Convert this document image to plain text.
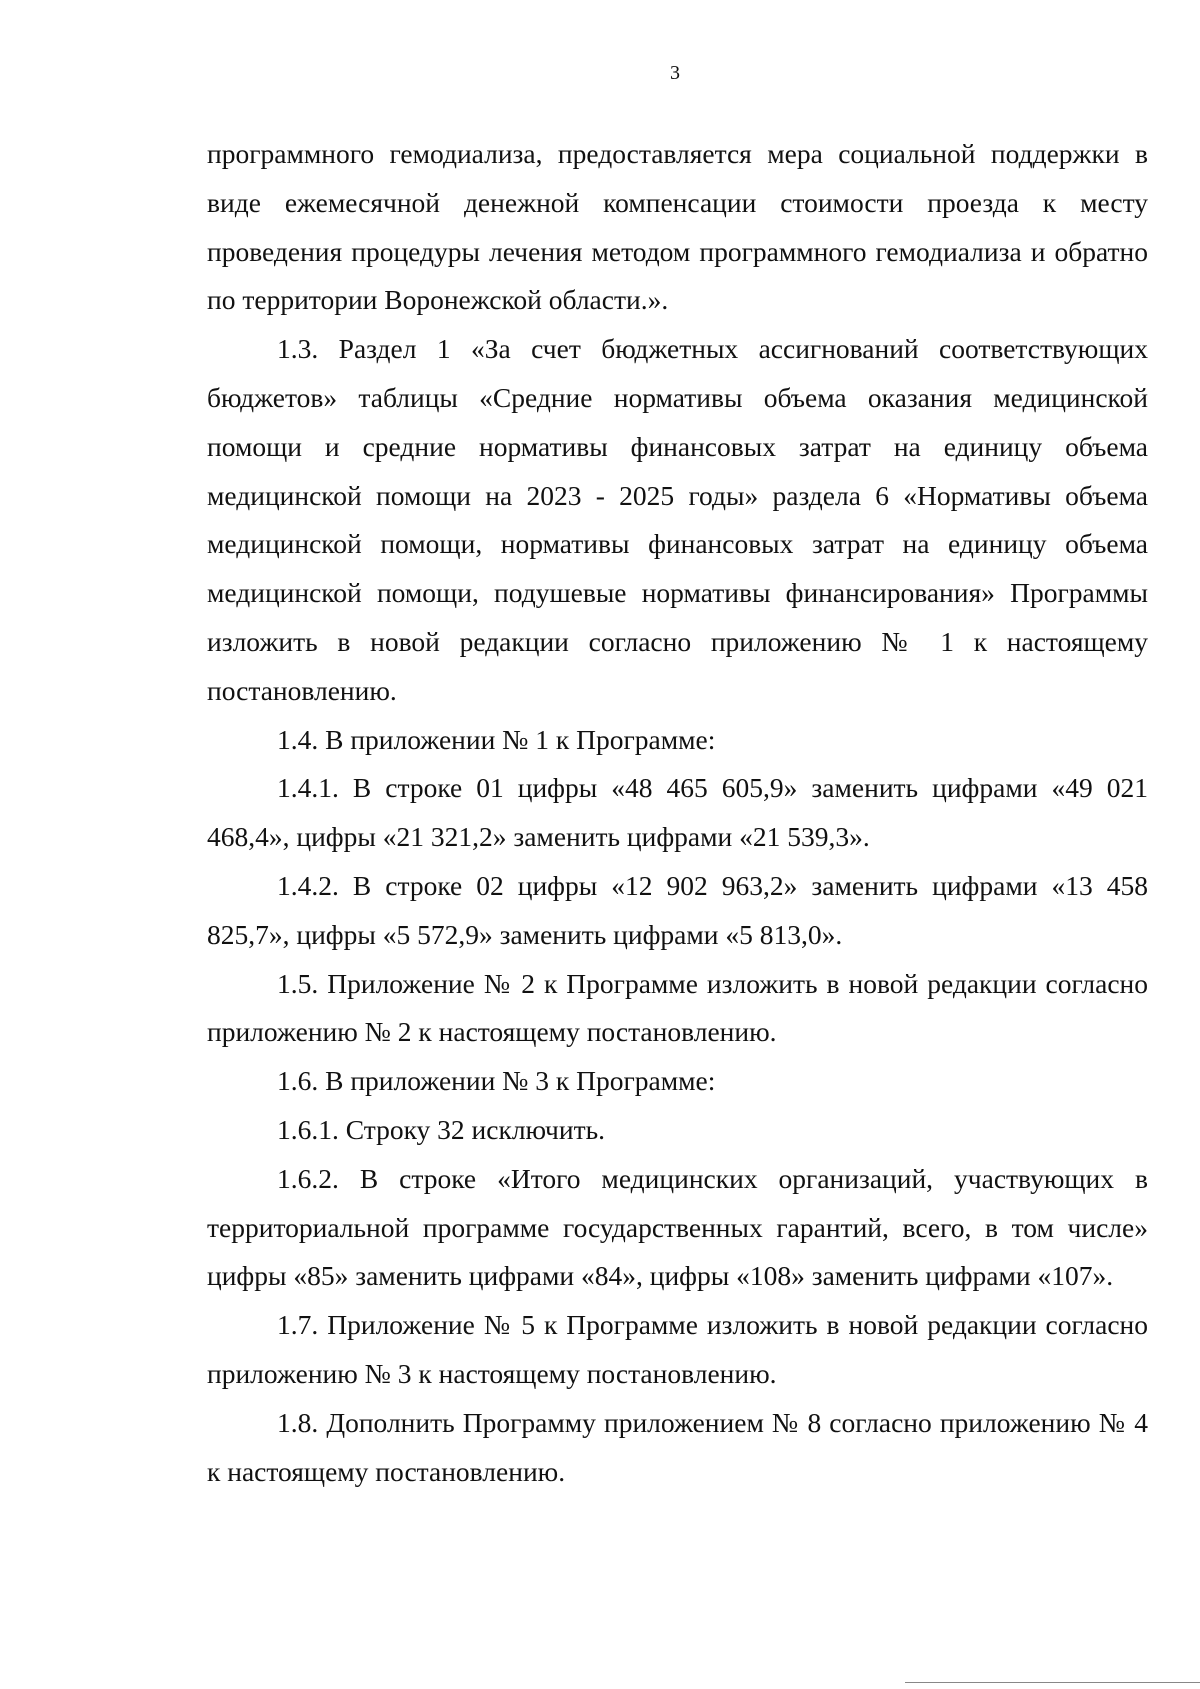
3

программного гемодиализа, предоставляется мера социальной поддержки в виде ежемесячной денежной компенсации стоимости проезда к месту проведения процедуры лечения методом программного гемодиализа и обратно по территории Воронежской области.».

1.3. Раздел 1 «За счет бюджетных ассигнований соответствующих бюджетов» таблицы «Средние нормативы объема оказания медицинской помощи и средние нормативы финансовых затрат на единицу объема медицинской помощи на 2023 - 2025 годы» раздела 6 «Нормативы объема медицинской помощи, нормативы финансовых затрат на единицу объема медицинской помощи, подушевые нормативы финансирования» Программы изложить в новой редакции согласно приложению № 1 к настоящему постановлению.

1.4. В приложении № 1 к Программе:

1.4.1. В строке 01 цифры «48 465 605,9» заменить цифрами «49 021 468,4», цифры «21 321,2» заменить цифрами «21 539,3».

1.4.2. В строке 02 цифры «12 902 963,2» заменить цифрами «13 458 825,7», цифры «5 572,9» заменить цифрами «5 813,0».

1.5. Приложение № 2 к Программе изложить в новой редакции согласно приложению № 2 к настоящему постановлению.

1.6. В приложении № 3 к Программе:

1.6.1. Строку 32 исключить.

1.6.2. В строке «Итого медицинских организаций, участвующих в территориальной программе государственных гарантий, всего, в том числе» цифры «85» заменить цифрами «84», цифры «108» заменить цифрами «107».

1.7. Приложение № 5 к Программе изложить в новой редакции согласно приложению № 3 к настоящему постановлению.

1.8. Дополнить Программу приложением № 8 согласно приложению № 4 к настоящему постановлению.
